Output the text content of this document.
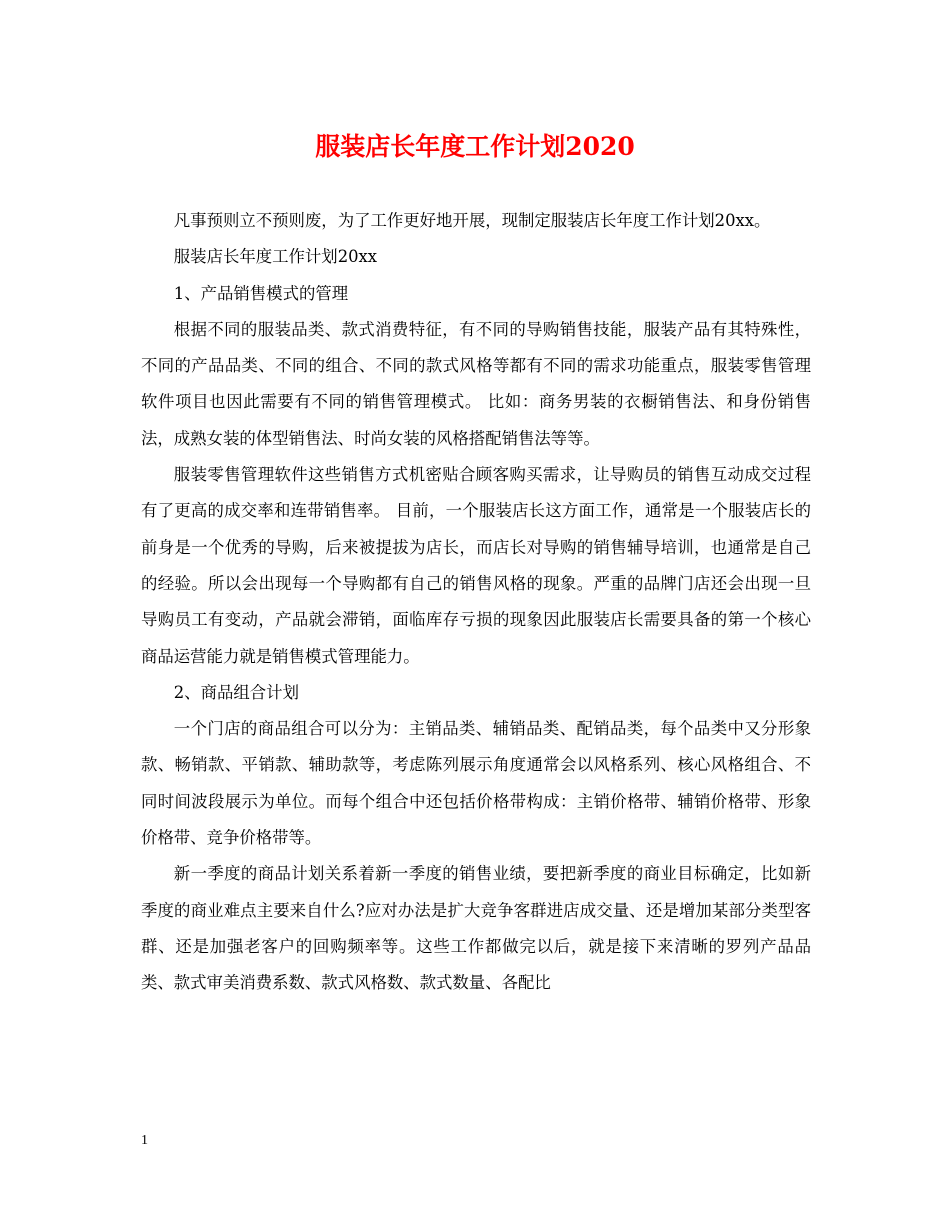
服装店长年度工作计划2020

凡事预则立不预则废，为了工作更好地开展，现制定服装店长年度工作计划20xx。

服装店长年度工作计划20xx

1、产品销售模式的管理

根据不同的服装品类、款式消费特征，有不同的导购销售技能，服装产品有其特殊性，不同的产品品类、不同的组合、不同的款式风格等都有不同的需求功能重点，服装零售管理软件项目也因此需要有不同的销售管理模式。 比如：商务男装的衣橱销售法、和身份销售法，成熟女装的体型销售法、时尚女装的风格搭配销售法等等。

服装零售管理软件这些销售方式机密贴合顾客购买需求，让导购员的销售互动成交过程有了更高的成交率和连带销售率。 目前，一个服装店长这方面工作，通常是一个服装店长的前身是一个优秀的导购，后来被提拔为店长，而店长对导购的销售辅导培训，也通常是自己的经验。所以会出现每一个导购都有自己的销售风格的现象。严重的品牌门店还会出现一旦导购员工有变动，产品就会滞销，面临库存亏损的现象因此服装店长需要具备的第一个核心商品运营能力就是销售模式管理能力。

2、商品组合计划

一个门店的商品组合可以分为：主销品类、辅销品类、配销品类，每个品类中又分形象款、畅销款、平销款、辅助款等，考虑陈列展示角度通常会以风格系列、核心风格组合、不同时间波段展示为单位。而每个组合中还包括价格带构成：主销价格带、辅销价格带、形象价格带、竞争价格带等。

新一季度的商品计划关系着新一季度的销售业绩，要把新季度的商业目标确定，比如新季度的商业难点主要来自什么?应对办法是扩大竞争客群进店成交量、还是增加某部分类型客群、还是加强老客户的回购频率等。这些工作都做完以后，就是接下来清晰的罗列产品品类、款式审美消费系数、款式风格数、款式数量、各配比

1
